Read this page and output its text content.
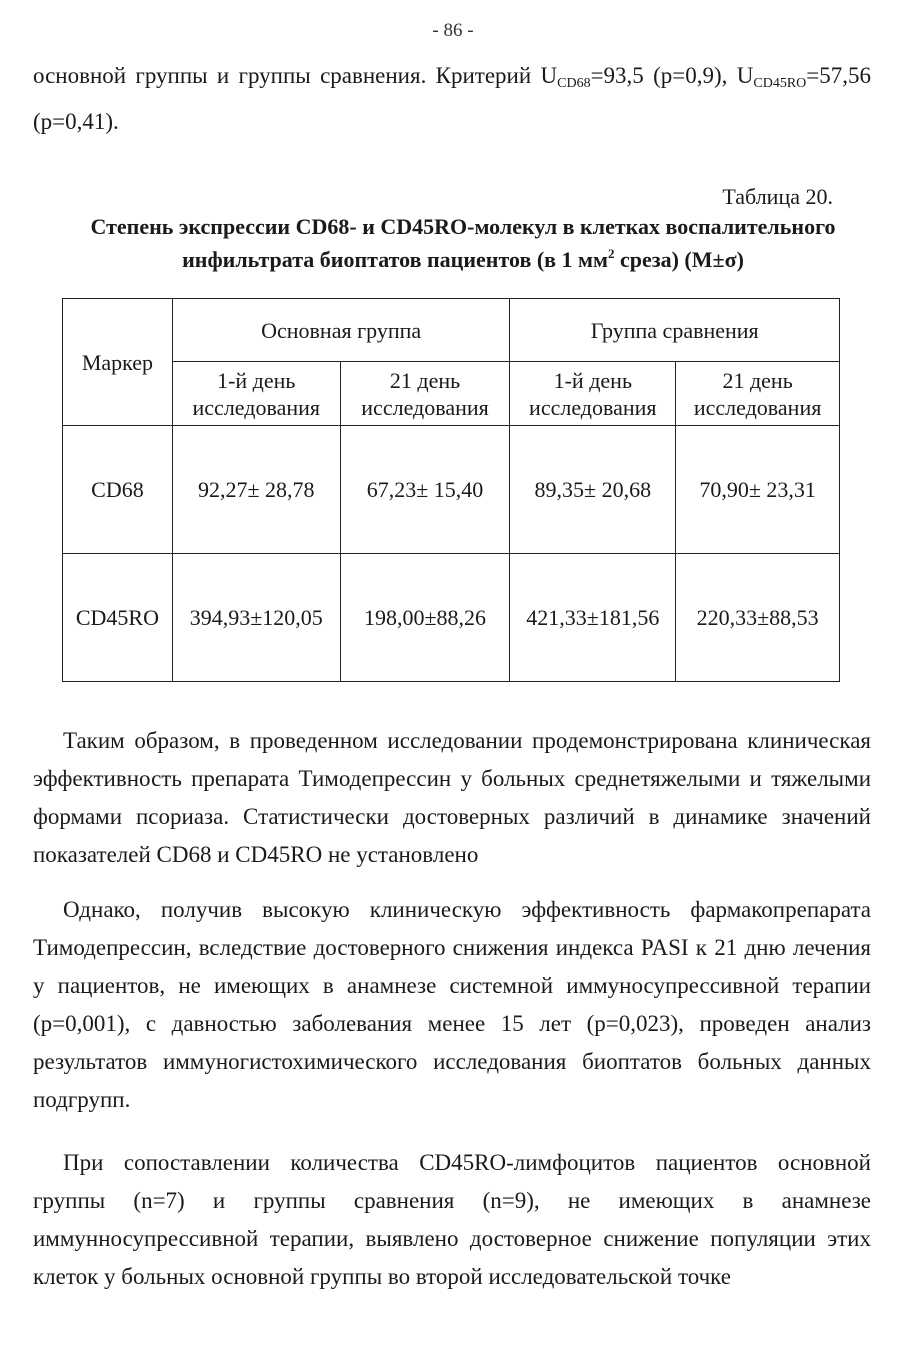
- 86 -

основной группы и группы сравнения. Критерий $U_{CD68}=93,5$ (p=0,9), $U_{CD45RO}=57,56$ (p=0,41).

Таблица 20.
Степень экспрессии CD68- и CD45RO-молекул в клетках воспалительного инфильтрата биоптатов пациентов (в 1 $мм^2$ среза) (M±σ)
Маркер	Основная группа		Группа сравнения	
	1-й день исследования	21 день исследования	1-й день исследования	21 день исследования
CD68	92,27± 28,78	67,23± 15,40	89,35± 20,68	70,90± 23,31
CD45RO	394,93±120,05	198,00±88,26	421,33±181,56	220,33±88,53

Таким образом, в проведенном исследовании продемонстрирована клиническая эффективность препарата Тимодепрессин у больных среднетяжелыми и тяжелыми формами псориаза. Статистически достоверных различий в динамике значений показателей CD68 и CD45RO не установлено

Однако, получив высокую клиническую эффективность фармакопрепарата Тимодепрессин, вследствие достоверного снижения индекса PASI к 21 дню лечения у пациентов, не имеющих в анамнезе системной иммуносупрессивной терапии (p=0,001), с давностью заболевания менее 15 лет (p=0,023), проведен анализ результатов иммуногистохимического исследования биоптатов больных данных подгрупп.

При сопоставлении количества CD45RO-лимфоцитов пациентов основной группы (n=7) и группы сравнения (n=9), не имеющих в анамнезе иммунносупрессивной терапии, выявлено достоверное снижение популяции этих клеток у больных основной группы во второй исследовательской точке
